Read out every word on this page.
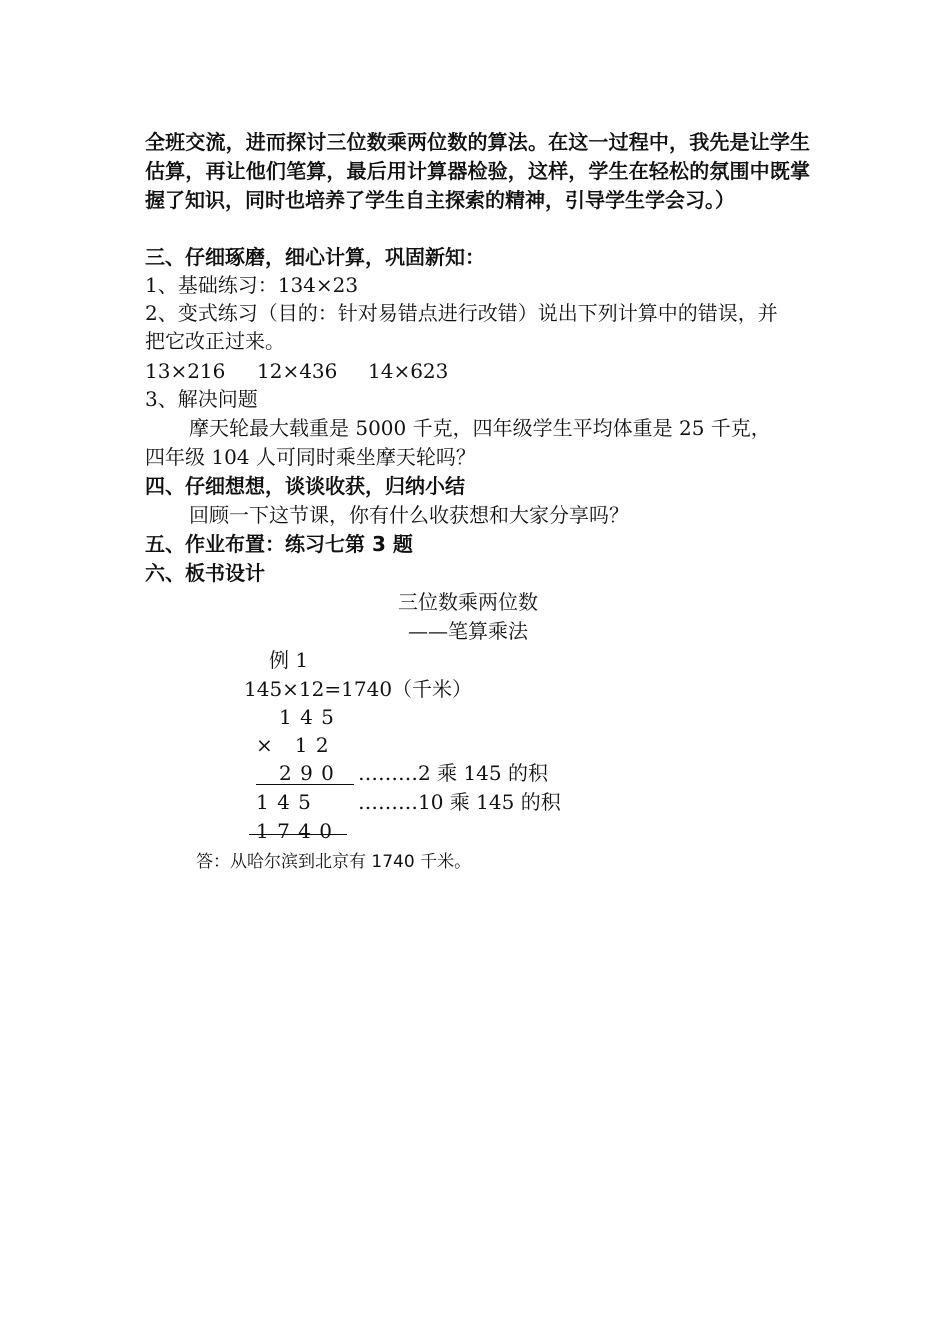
全班交流，进而探讨三位数乘两位数的算法。在这一过程中，我先是让学生估算，再让他们笔算，最后用计算器检验，这样，学生在轻松的氛围中既掌握了知识，同时也培养了学生自主探索的精神，引导学生学会习。）
三、仔细琢磨，细心计算，巩固新知：
1、基础练习：134×23
2、变式练习（目的：针对易错点进行改错）说出下列计算中的错误，并
把它改正过来。
13×216 12×436 14×623
3、解决问题
摩天轮最大载重是 5000 千克，四年级学生平均体重是 25 千克，
四年级 104 人可同时乘坐摩天轮吗？
四、仔细想想，谈谈收获，归纳小结
回顾一下这节课，你有什么收获想和大家分享吗？
五、作业布置：练习七第 3 题
六、板书设计
三位数乘两位数
——笔算乘法
例 1
145×12=1740（千米）
1 4 5
×　1 2
2 9 0 ………2 乘 145 的积
1 4 5 ………10 乘 145 的积
1 7 4 0
答：从哈尔滨到北京有 1740 千米。
